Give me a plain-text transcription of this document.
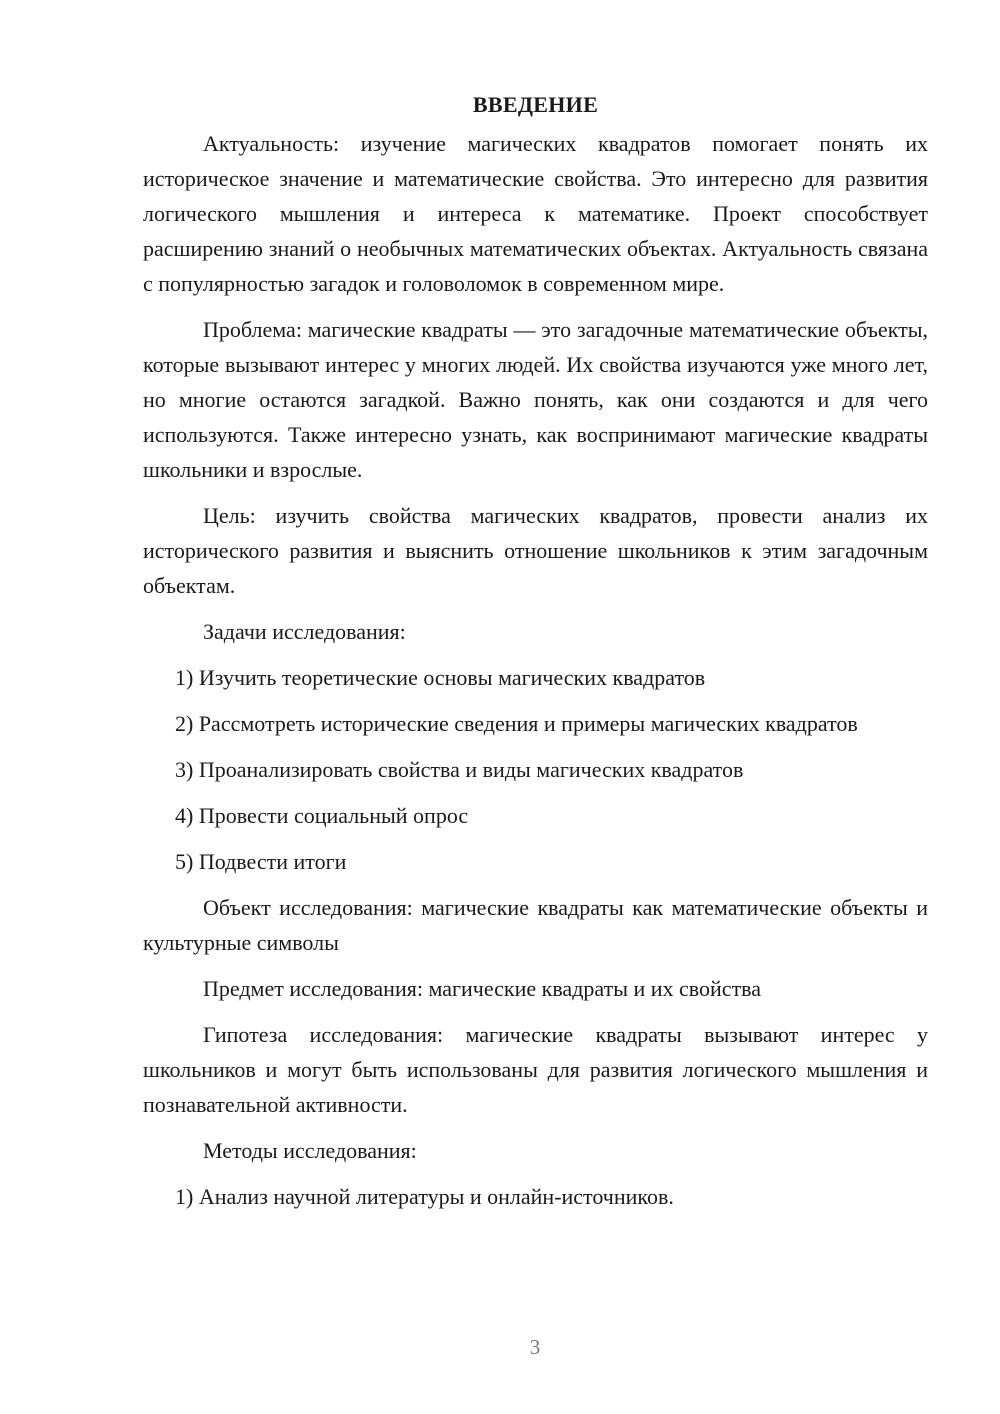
ВВЕДЕНИЕ

Актуальность: изучение магических квадратов помогает понять их историческое значение и математические свойства. Это интересно для развития логического мышления и интереса к математике. Проект способствует расширению знаний о необычных математических объектах. Актуальность связана с популярностью загадок и головоломок в современном мире.

Проблема: магические квадраты — это загадочные математические объекты, которые вызывают интерес у многих людей. Их свойства изучаются уже много лет, но многие остаются загадкой. Важно понять, как они создаются и для чего используются. Также интересно узнать, как воспринимают магические квадраты школьники и взрослые.

Цель: изучить свойства магических квадратов, провести анализ их исторического развития и выяснить отношение школьников к этим загадочным объектам.

Задачи исследования:

1) Изучить теоретические основы магических квадратов

2) Рассмотреть исторические сведения и примеры магических квадратов

3) Проанализировать свойства и виды магических квадратов

4) Провести социальный опрос

5) Подвести итоги

Объект исследования: магические квадраты как математические объекты и культурные символы

Предмет исследования: магические квадраты и их свойства

Гипотеза исследования: магические квадраты вызывают интерес у школьников и могут быть использованы для развития логического мышления и познавательной активности.

Методы исследования:

1) Анализ научной литературы и онлайн-источников.

3
